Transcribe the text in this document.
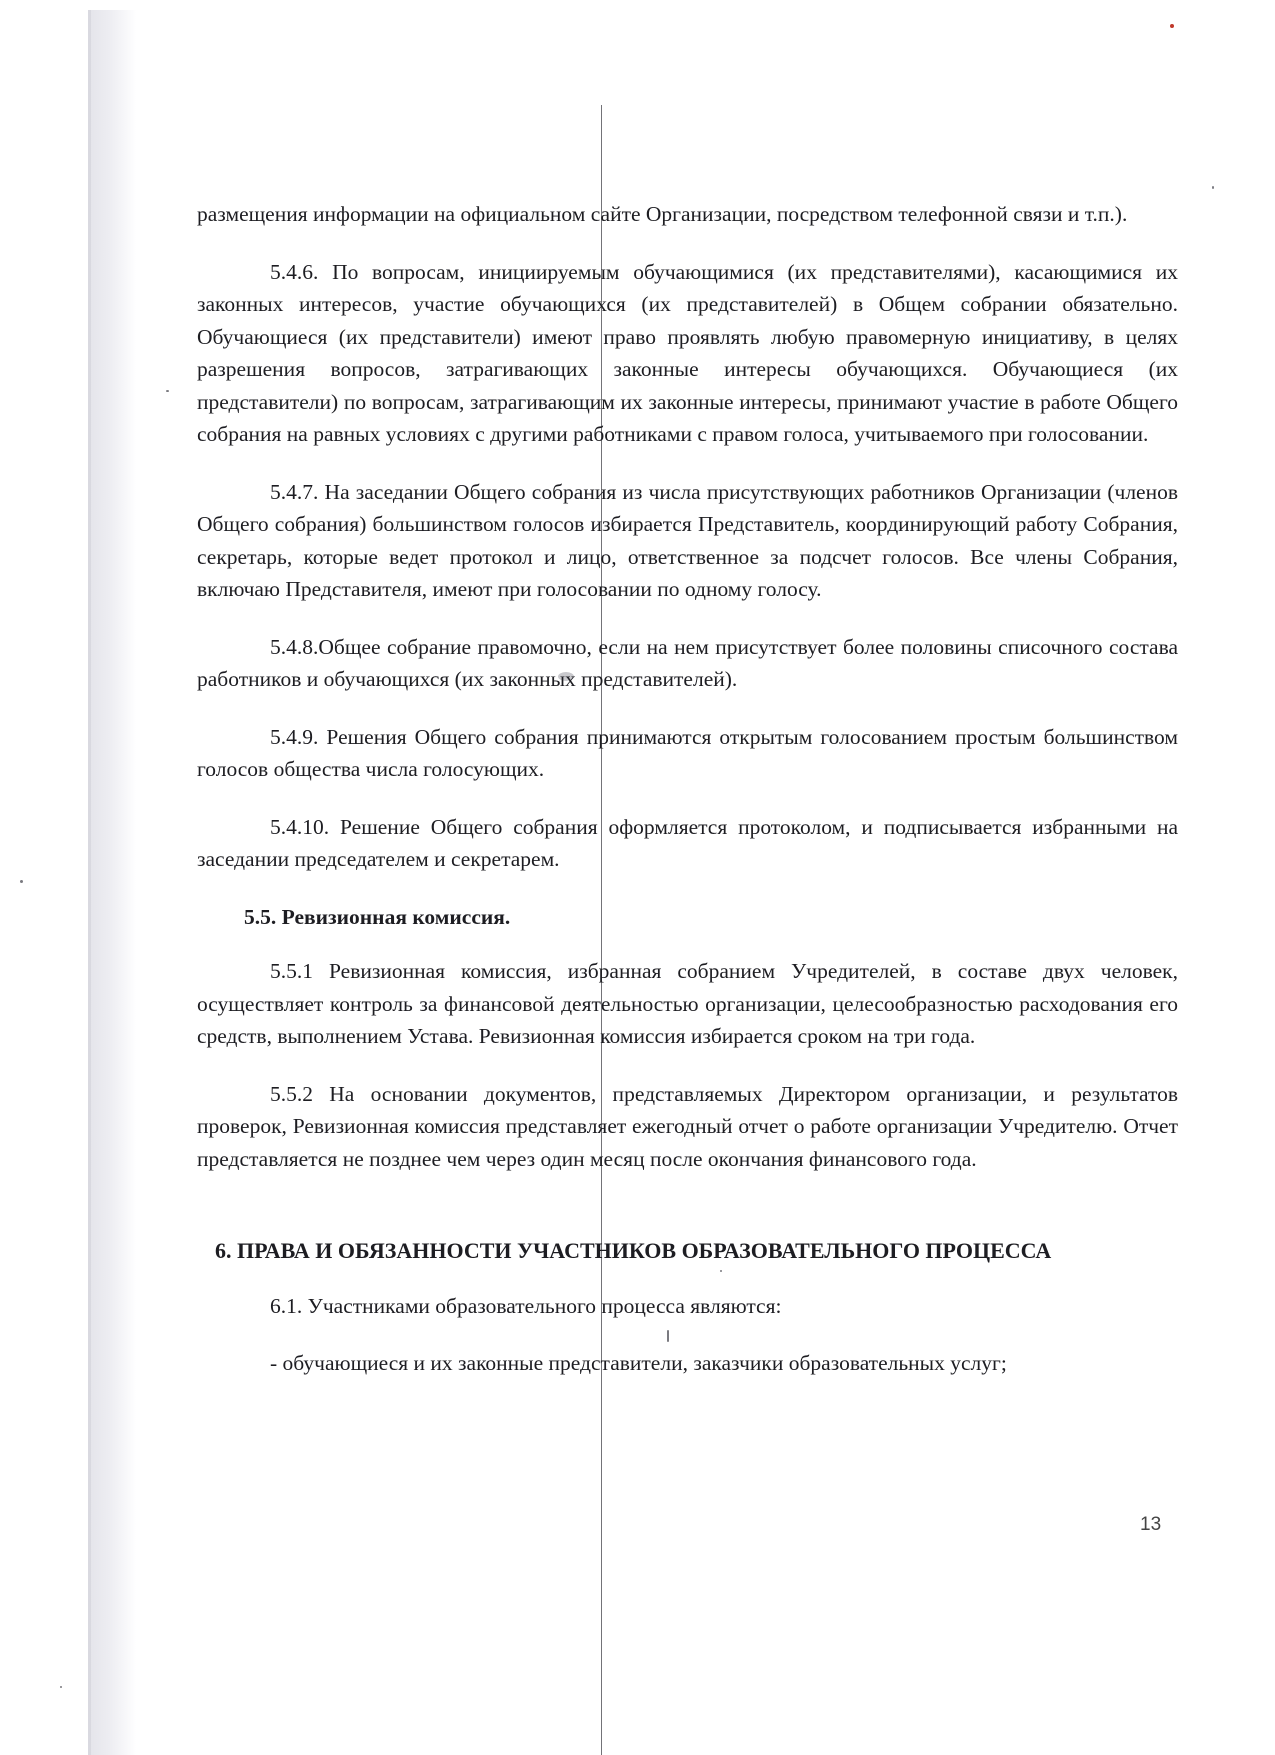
размещения информации на официальном сайте Организации, посредством телефонной связи и т.п.).

5.4.6. По вопросам, инициируемым обучающимися (их представителями), касающимися их законных интересов, участие обучающихся (их представителей) в Общем собрании обязательно. Обучающиеся (их представители) имеют право проявлять любую правомерную инициативу, в целях разрешения вопросов, затрагивающих законные интересы обучающихся. Обучающиеся (их представители) по вопросам, затрагивающим их законные интересы, принимают участие в работе Общего собрания на равных условиях с другими работниками с правом голоса, учитываемого при голосовании.

5.4.7. На заседании Общего собрания из числа присутствующих работников Организации (членов Общего собрания) большинством голосов избирается Представитель, координирующий работу Собрания, секретарь, которые ведет протокол и лицо, ответственное за подсчет голосов. Все члены Собрания, включаю Представителя, имеют при голосовании по одному голосу.

5.4.8.Общее собрание правомочно, если на нем присутствует более половины списочного состава работников и обучающихся (их законных представителей).

5.4.9. Решения Общего собрания принимаются открытым голосованием простым большинством голосов общества числа голосующих.

5.4.10. Решение Общего собрания оформляется протоколом, и подписывается избранными на заседании председателем и секретарем.

5.5. Ревизионная комиссия.

5.5.1 Ревизионная комиссия, избранная собранием Учредителей, в составе двух человек, осуществляет контроль за финансовой деятельностью организации, целесообразностью расходования его средств, выполнением Устава. Ревизионная комиссия избирается сроком на три года.

5.5.2 На основании документов, представляемых Директором организации, и результатов проверок, Ревизионная комиссия представляет ежегодный отчет о работе организации Учредителю. Отчет представляется не позднее чем через один месяц после окончания финансового года.

6. ПРАВА И ОБЯЗАННОСТИ УЧАСТНИКОВ ОБРАЗОВАТЕЛЬНОГО ПРОЦЕССА

6.1. Участниками образовательного процесса являются:

- обучающиеся и их законные представители, заказчики образовательных услуг;

13
